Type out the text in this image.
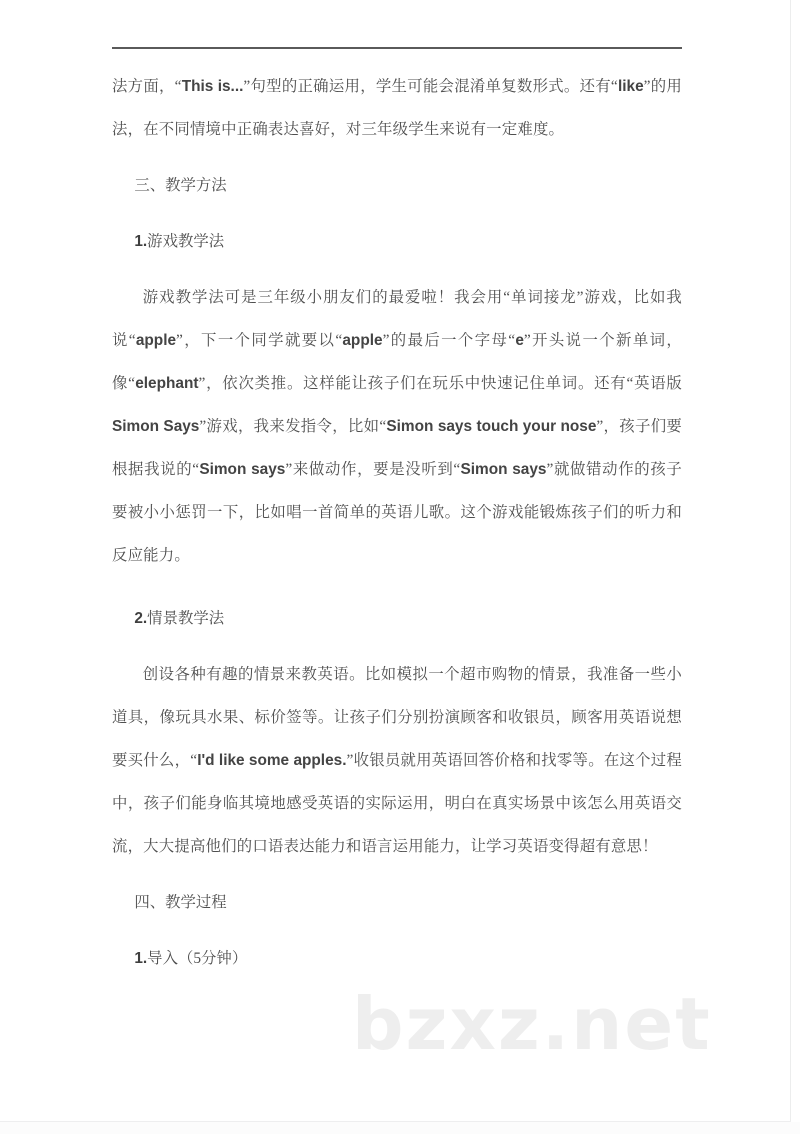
法方面，“This is...”句型的正确运用，学生可能会混淆单复数形式。还有“like”的用法，在不同情境中正确表达喜好，对三年级学生来说有一定难度。

三、教学方法
1.游戏教学法

游戏教学法可是三年级小朋友们的最爱啦！我会用“单词接龙”游戏，比如我说“apple”，下一个同学就要以“apple”的最后一个字母“e”开头说一个新单词，像“elephant”，依次类推。这样能让孩子们在玩乐中快速记住单词。还有“英语版Simon Says”游戏，我来发指令，比如“Simon says touch your nose”，孩子们要根据我说的“Simon says”来做动作，要是没听到“Simon says”就做错动作的孩子要被小小惩罚一下，比如唱一首简单的英语儿歌。这个游戏能锻炼孩子们的听力和反应能力。

2.情景教学法

创设各种有趣的情景来教英语。比如模拟一个超市购物的情景，我准备一些小道具，像玩具水果、标价签等。让孩子们分别扮演顾客和收银员，顾客用英语说想要买什么，“I'd like some apples.”收银员就用英语回答价格和找零等。在这个过程中，孩子们能身临其境地感受英语的实际运用，明白在真实场景中该怎么用英语交流，大大提高他们的口语表达能力和语言运用能力，让学习英语变得超有意思！

四、教学过程
1.导入（5分钟）
bzxz.net
